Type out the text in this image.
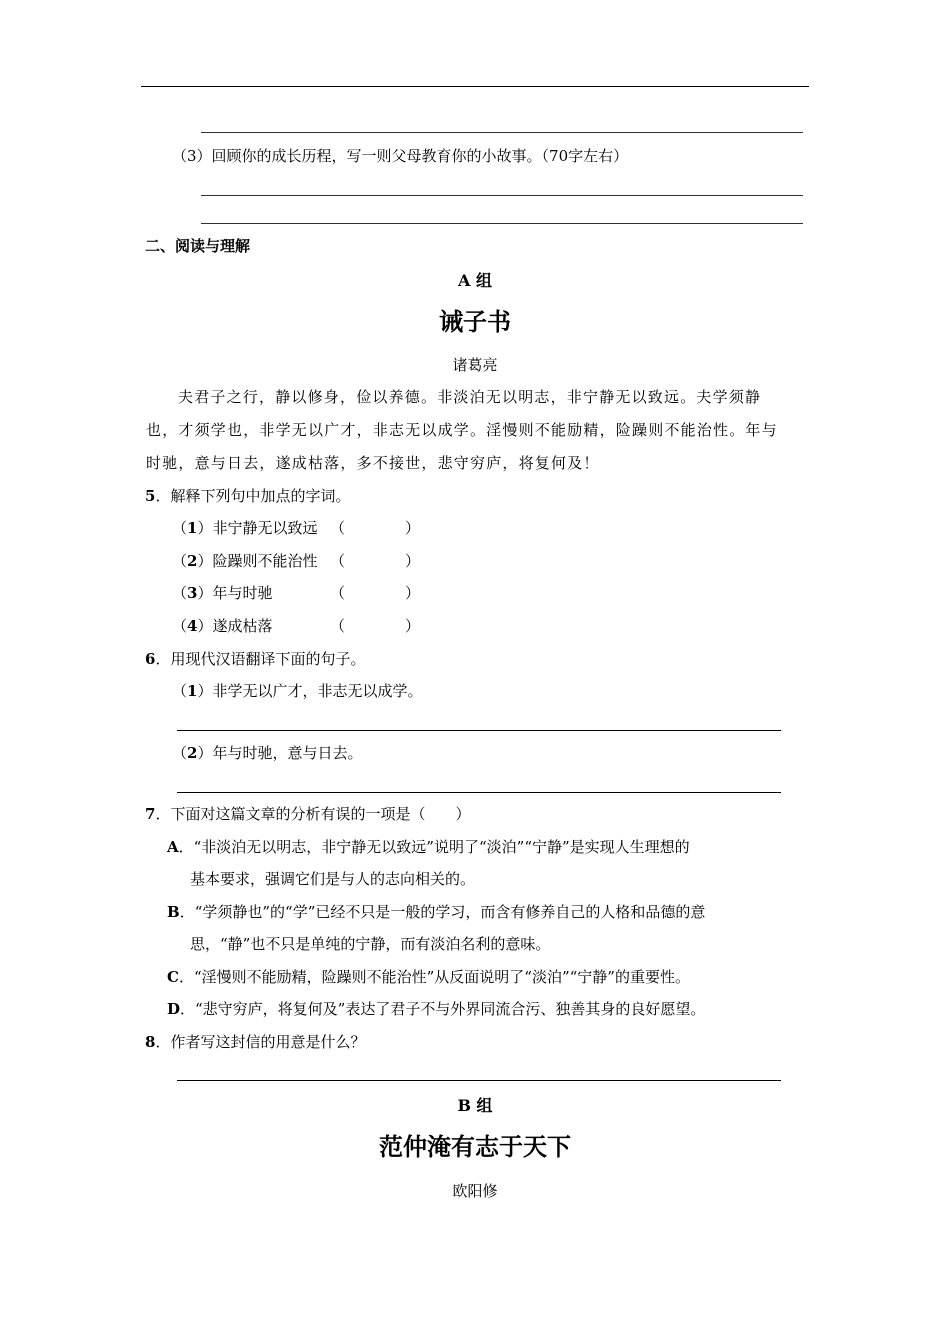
（3）回顾你的成长历程，写一则父母教育你的小故事。（70字左右）
二、阅读与理解
A 组
诫子书
诸葛亮
夫君子之行，静以修身，俭以养德。非淡泊无以明志，非宁静无以致远。夫学须静
也，才须学也，非学无以广才，非志无以成学。淫慢则不能励精，险躁则不能治性。年与
时驰，意与日去，遂成枯落，多不接世，悲守穷庐，将复何及！
5．解释下列句中加点的字词。
（1）非宁静无以致远 （	）
（2）险躁则不能治性 （	）
（3）年与时驰	（	）
（4）遂成枯落	（	）
6．用现代汉语翻译下面的句子。
（1）非学无以广才，非志无以成学。
（2）年与时驰，意与日去。
7．下面对这篇文章的分析有误的一项是（　　）
A．“非淡泊无以明志，非宁静无以致远”说明了“淡泊”“宁静”是实现人生理想的
基本要求，强调它们是与人的志向相关的。
B．“学须静也”的“学”已经不只是一般的学习，而含有修养自己的人格和品德的意
思，“静”也不只是单纯的宁静，而有淡泊名利的意味。
C．“淫慢则不能励精，险躁则不能治性”从反面说明了“淡泊”“宁静”的重要性。
D．“悲守穷庐，将复何及”表达了君子不与外界同流合污、独善其身的良好愿望。
8．作者写这封信的用意是什么？
B 组
范仲淹有志于天下
欧阳修
